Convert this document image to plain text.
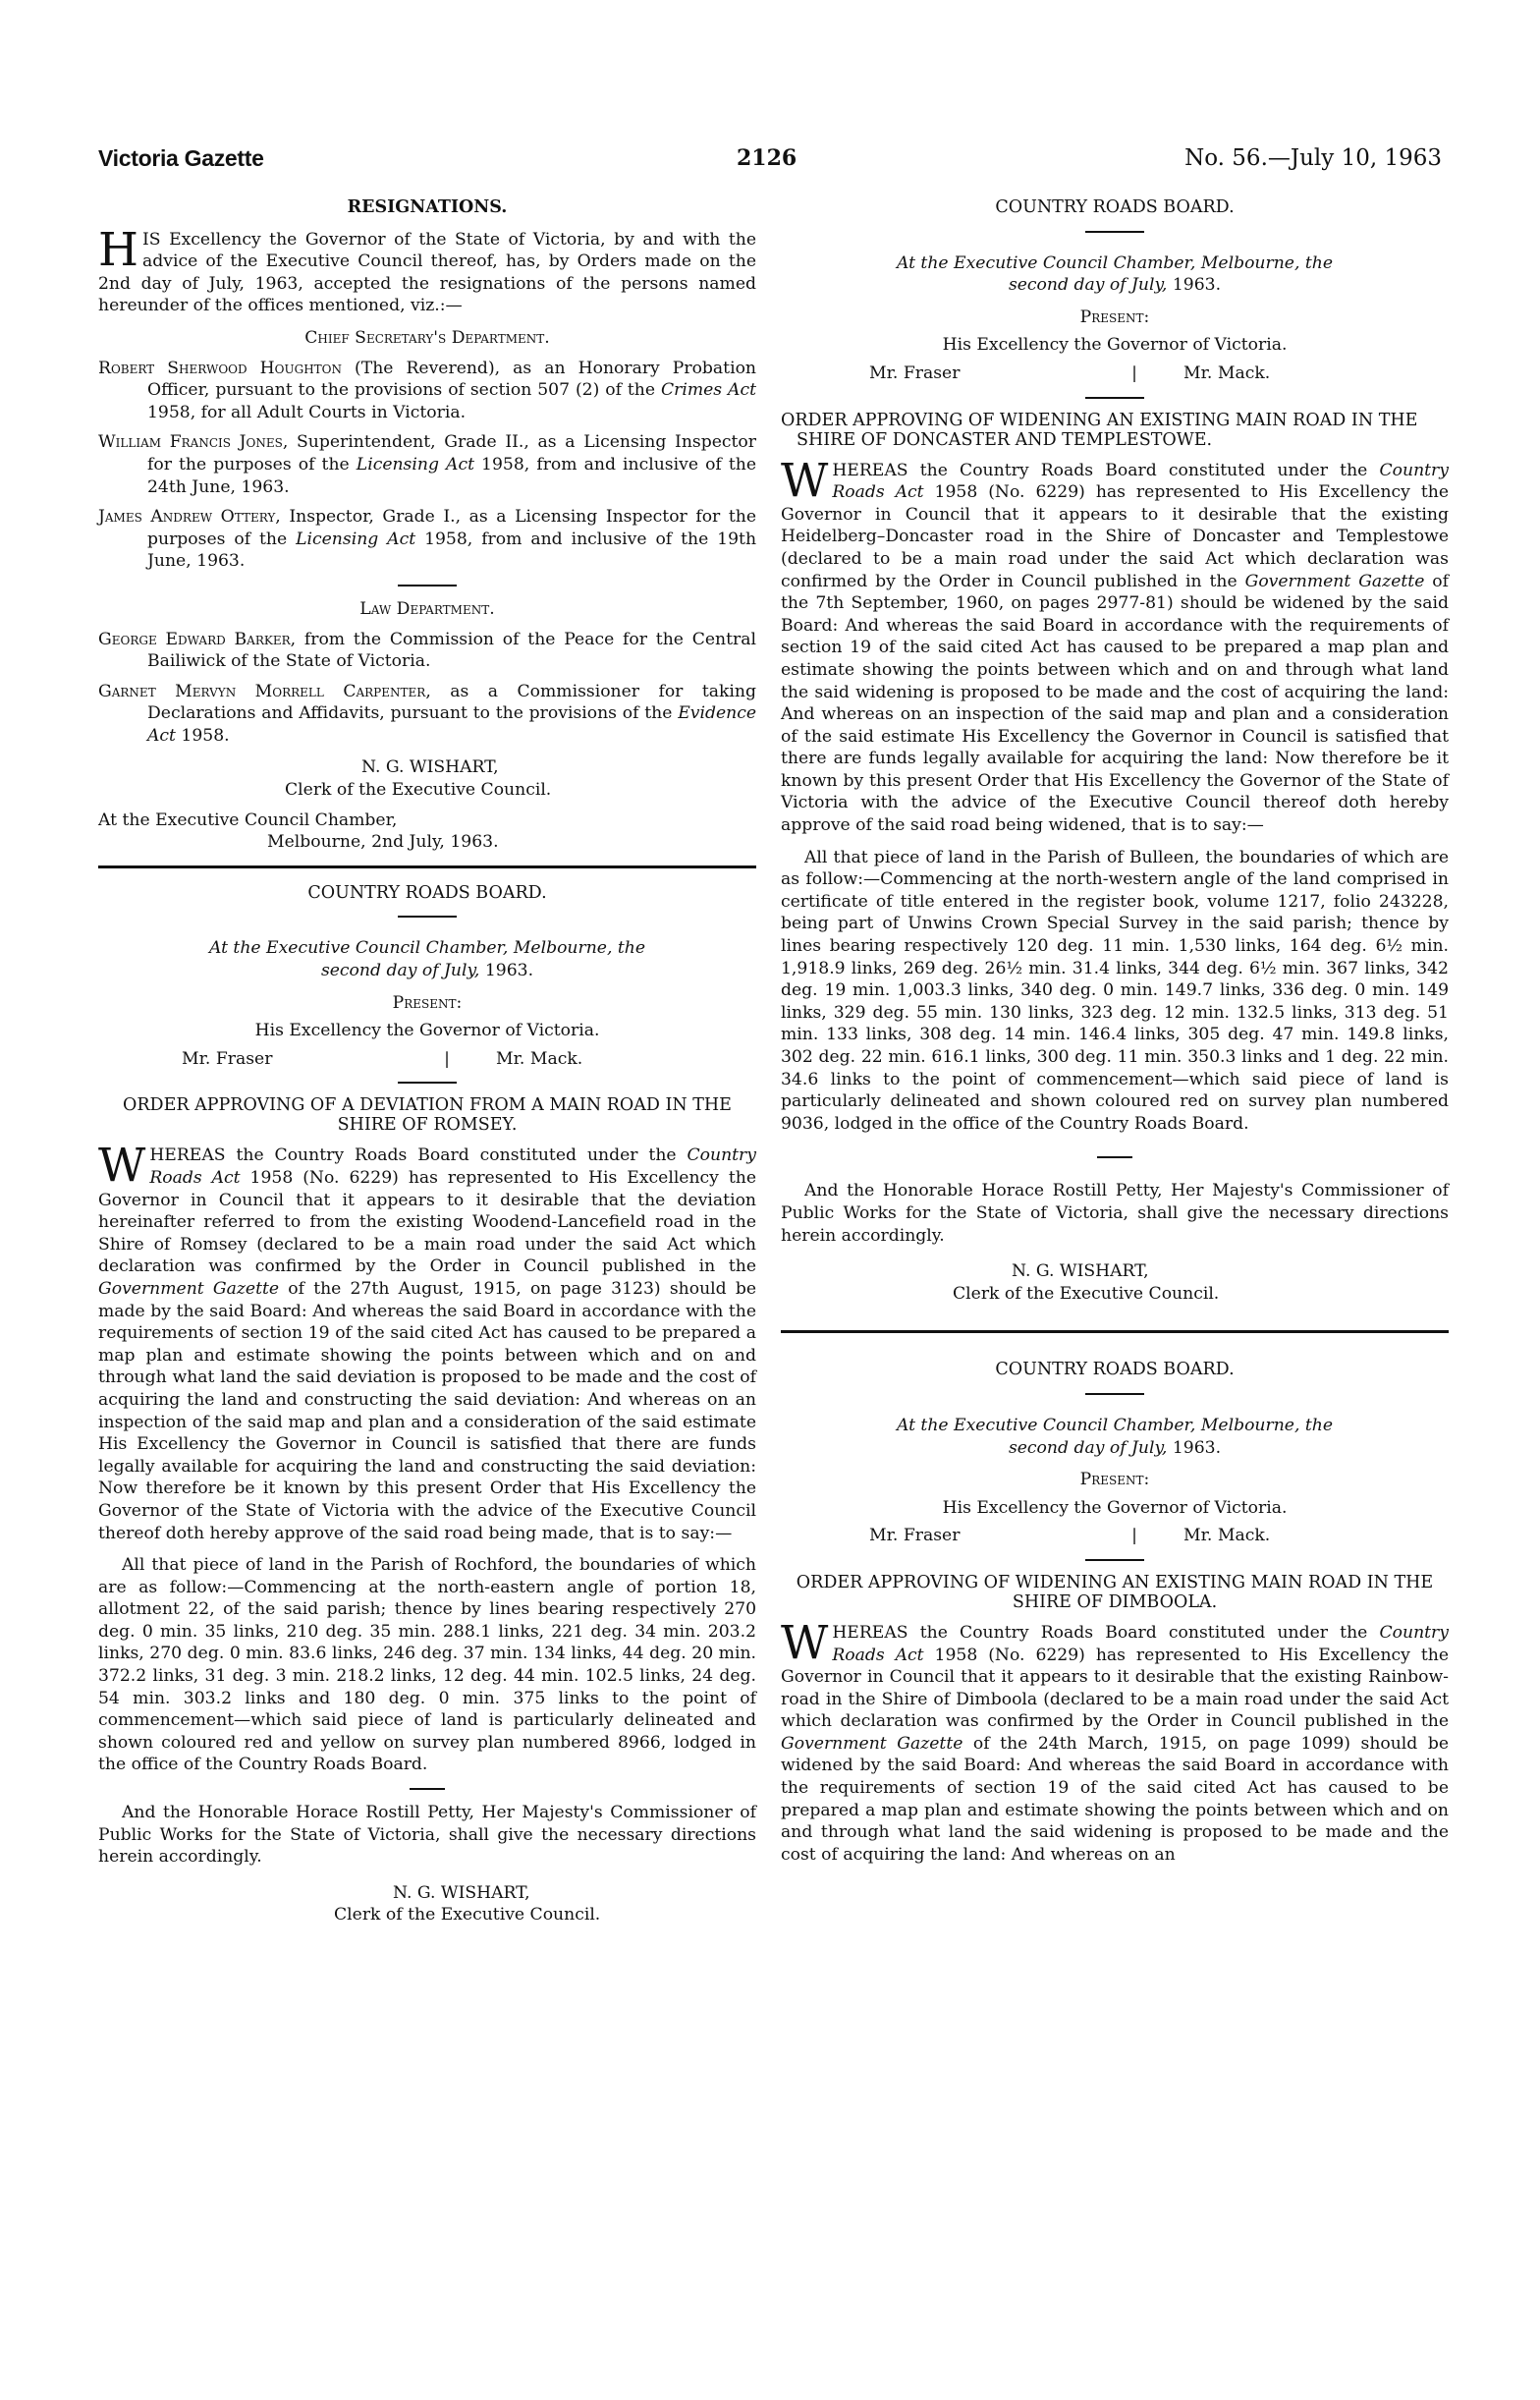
Victoria Gazette	2126	No. 56.—July 10, 1963
RESIGNATIONS.

HIS Excellency the Governor of the State of Victoria, by and with the advice of the Executive Council thereof, has, by Orders made on the 2nd day of July, 1963, accepted the resignations of the persons named hereunder of the offices mentioned, viz.:—

Chief Secretary's Department.

Robert Sherwood Houghton (The Reverend), as an Honorary Probation Officer, pursuant to the provisions of section 507 (2) of the Crimes Act 1958, for all Adult Courts in Victoria.

William Francis Jones, Superintendent, Grade II., as a Licensing Inspector for the purposes of the Licensing Act 1958, from and inclusive of the 24th June, 1963.

James Andrew Ottery, Inspector, Grade I., as a Licensing Inspector for the purposes of the Licensing Act 1958, from and inclusive of the 19th June, 1963.

Law Department.

George Edward Barker, from the Commission of the Peace for the Central Bailiwick of the State of Victoria.

Garnet Mervyn Morrell Carpenter, as a Commissioner for taking Declarations and Affidavits, pursuant to the provisions of the Evidence Act 1958.

N. G. WISHART,
Clerk of the Executive Council.
At the Executive Council Chamber,
Melbourne, 2nd July, 1963.
COUNTRY ROADS BOARD.
At the Executive Council Chamber, Melbourne, the
second day of July, 1963.
Present:
His Excellency the Governor of Victoria.
Mr. Fraser	|	Mr. Mack.
ORDER APPROVING OF A DEVIATION FROM A MAIN ROAD IN THE SHIRE OF ROMSEY.

WHEREAS the Country Roads Board constituted under the Country Roads Act 1958 (No. 6229) has represented to His Excellency the Governor in Council that it appears to it desirable that the deviation hereinafter referred to from the existing Woodend-Lancefield road in the Shire of Romsey (declared to be a main road under the said Act which declaration was confirmed by the Order in Council published in the Government Gazette of the 27th August, 1915, on page 3123) should be made by the said Board: And whereas the said Board in accordance with the requirements of section 19 of the said cited Act has caused to be prepared a map plan and estimate showing the points between which and on and through what land the said deviation is proposed to be made and the cost of acquiring the land and constructing the said deviation: And whereas on an inspection of the said map and plan and a consideration of the said estimate His Excellency the Governor in Council is satisfied that there are funds legally available for acquiring the land and constructing the said deviation: Now therefore be it known by this present Order that His Excellency the Governor of the State of Victoria with the advice of the Executive Council thereof doth hereby approve of the said road being made, that is to say:—

All that piece of land in the Parish of Rochford, the boundaries of which are as follow:—Commencing at the north-eastern angle of portion 18, allotment 22, of the said parish; thence by lines bearing respectively 270 deg. 0 min. 35 links, 210 deg. 35 min. 288.1 links, 221 deg. 34 min. 203.2 links, 270 deg. 0 min. 83.6 links, 246 deg. 37 min. 134 links, 44 deg. 20 min. 372.2 links, 31 deg. 3 min. 218.2 links, 12 deg. 44 min. 102.5 links, 24 deg. 54 min. 303.2 links and 180 deg. 0 min. 375 links to the point of commencement—which said piece of land is particularly delineated and shown coloured red and yellow on survey plan numbered 8966, lodged in the office of the Country Roads Board.

And the Honorable Horace Rostill Petty, Her Majesty's Commissioner of Public Works for the State of Victoria, shall give the necessary directions herein accordingly.

N. G. WISHART,
Clerk of the Executive Council.
COUNTRY ROADS BOARD.
At the Executive Council Chamber, Melbourne, the
second day of July, 1963.
Present:
His Excellency the Governor of Victoria.
Mr. Fraser	|	Mr. Mack.
ORDER APPROVING OF WIDENING AN EXISTING MAIN ROAD IN THE SHIRE OF DONCASTER AND TEMPLESTOWE.

WHEREAS the Country Roads Board constituted under the Country Roads Act 1958 (No. 6229) has represented to His Excellency the Governor in Council that it appears to it desirable that the existing Heidelberg–Doncaster road in the Shire of Doncaster and Templestowe (declared to be a main road under the said Act which declaration was confirmed by the Order in Council published in the Government Gazette of the 7th September, 1960, on pages 2977-81) should be widened by the said Board: And whereas the said Board in accordance with the requirements of section 19 of the said cited Act has caused to be prepared a map plan and estimate showing the points between which and on and through what land the said widening is proposed to be made and the cost of acquiring the land: And whereas on an inspection of the said map and plan and a consideration of the said estimate His Excellency the Governor in Council is satisfied that there are funds legally available for acquiring the land: Now therefore be it known by this present Order that His Excellency the Governor of the State of Victoria with the advice of the Executive Council thereof doth hereby approve of the said road being widened, that is to say:—

All that piece of land in the Parish of Bulleen, the boundaries of which are as follow:—Commencing at the north-western angle of the land comprised in certificate of title entered in the register book, volume 1217, folio 243228, being part of Unwins Crown Special Survey in the said parish; thence by lines bearing respectively 120 deg. 11 min. 1,530 links, 164 deg. 6½ min. 1,918.9 links, 269 deg. 26½ min. 31.4 links, 344 deg. 6½ min. 367 links, 342 deg. 19 min. 1,003.3 links, 340 deg. 0 min. 149.7 links, 336 deg. 0 min. 149 links, 329 deg. 55 min. 130 links, 323 deg. 12 min. 132.5 links, 313 deg. 51 min. 133 links, 308 deg. 14 min. 146.4 links, 305 deg. 47 min. 149.8 links, 302 deg. 22 min. 616.1 links, 300 deg. 11 min. 350.3 links and 1 deg. 22 min. 34.6 links to the point of commencement—which said piece of land is particularly delineated and shown coloured red on survey plan numbered 9036, lodged in the office of the Country Roads Board.

And the Honorable Horace Rostill Petty, Her Majesty's Commissioner of Public Works for the State of Victoria, shall give the necessary directions herein accordingly.

N. G. WISHART,
Clerk of the Executive Council.
COUNTRY ROADS BOARD.
At the Executive Council Chamber, Melbourne, the
second day of July, 1963.
Present:
His Excellency the Governor of Victoria.
Mr. Fraser	|	Mr. Mack.
ORDER APPROVING OF WIDENING AN EXISTING MAIN ROAD IN THE SHIRE OF DIMBOOLA.

WHEREAS the Country Roads Board constituted under the Country Roads Act 1958 (No. 6229) has represented to His Excellency the Governor in Council that it appears to it desirable that the existing Rainbow-road in the Shire of Dimboola (declared to be a main road under the said Act which declaration was confirmed by the Order in Council published in the Government Gazette of the 24th March, 1915, on page 1099) should be widened by the said Board: And whereas the said Board in accordance with the requirements of section 19 of the said cited Act has caused to be prepared a map plan and estimate showing the points between which and on and through what land the said widening is proposed to be made and the cost of acquiring the land: And whereas on an
